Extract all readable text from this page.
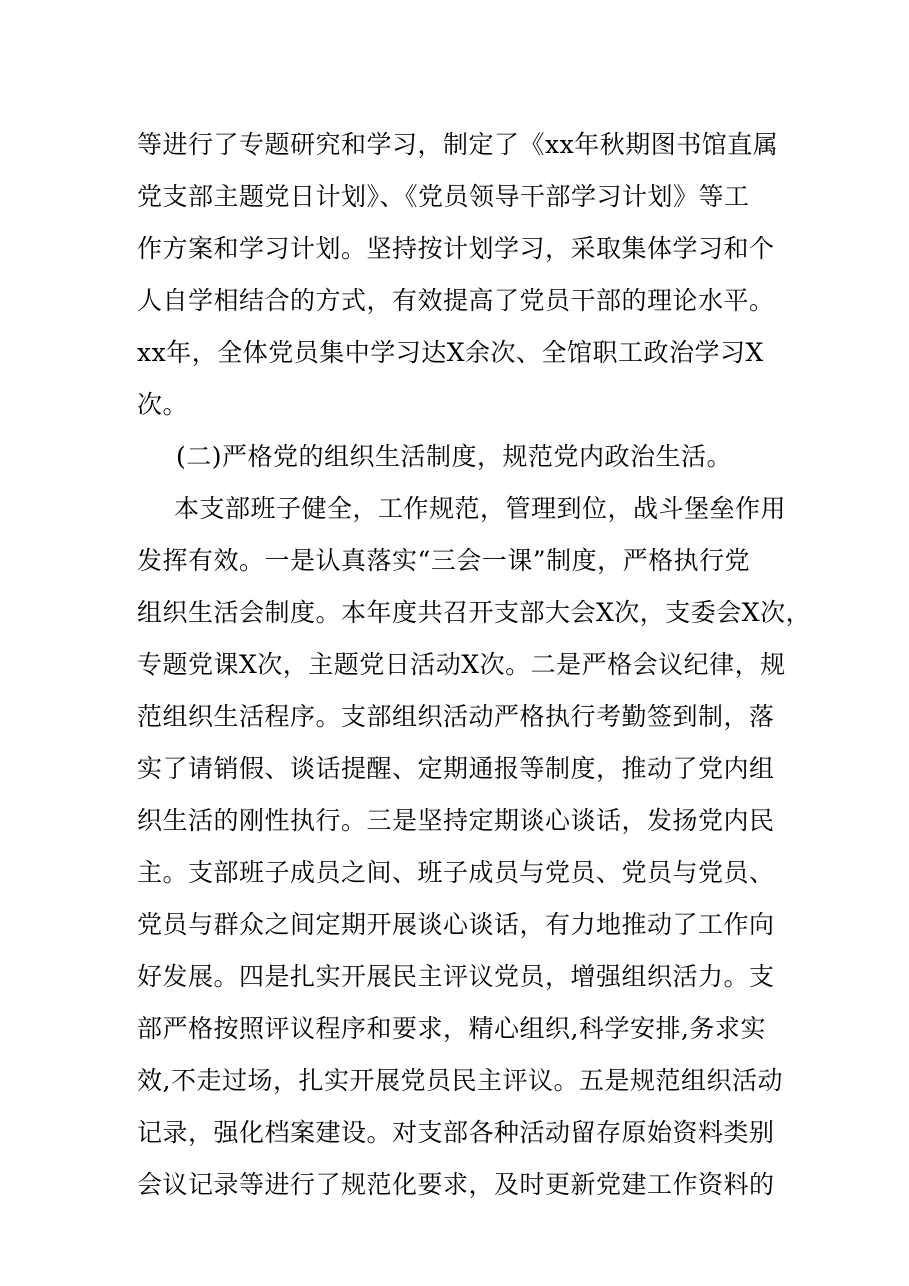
等进行了专题研究和学习，制定了《xx年秋期图书馆直属
党支部主题党日计划》、《党员领导干部学习计划》等工
作方案和学习计划。坚持按计划学习，采取集体学习和个
人自学相结合的方式，有效提高了党员干部的理论水平。
xx年，全体党员集中学习达X余次、全馆职工政治学习X
次。
(二)严格党的组织生活制度，规范党内政治生活。
本支部班子健全，工作规范，管理到位，战斗堡垒作用
发挥有效。一是认真落实“三会一课”制度，严格执行党
组织生活会制度。本年度共召开支部大会X次，支委会X次，
专题党课X次，主题党日活动X次。二是严格会议纪律，规
范组织生活程序。支部组织活动严格执行考勤签到制，落
实了请销假、谈话提醒、定期通报等制度，推动了党内组
织生活的刚性执行。三是坚持定期谈心谈话，发扬党内民
主。支部班子成员之间、班子成员与党员、党员与党员、
党员与群众之间定期开展谈心谈话，有力地推动了工作向
好发展。四是扎实开展民主评议党员，增强组织活力。支
部严格按照评议程序和要求，精心组织,科学安排,务求实
效,不走过场，扎实开展党员民主评议。五是规范组织活动
记录，强化档案建设。对支部各种活动留存原始资料类别
会议记录等进行了规范化要求，及时更新党建工作资料的
